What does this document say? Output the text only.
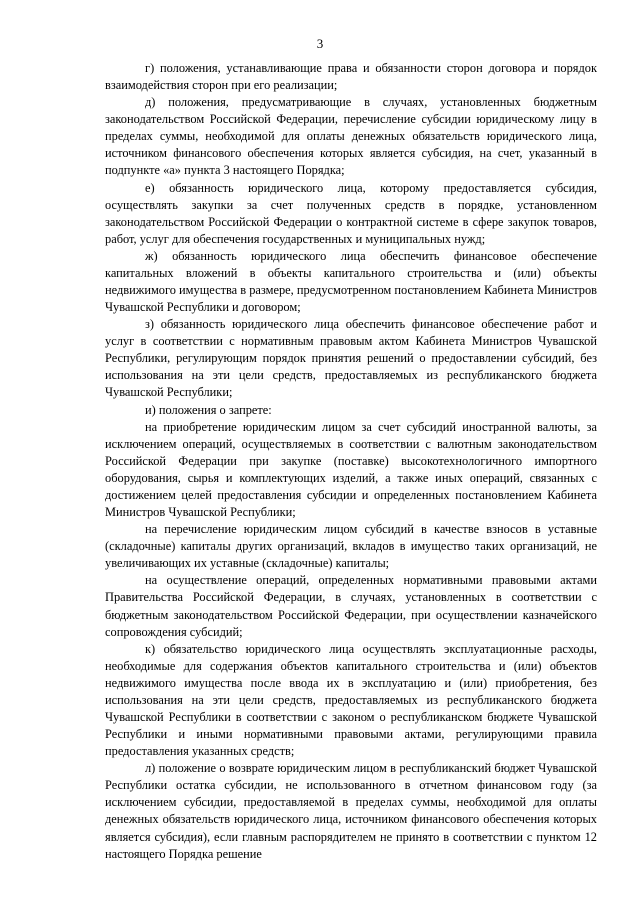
3

г) положения, устанавливающие права и обязанности сторон договора и порядок взаимодействия сторон при его реализации;

д) положения, предусматривающие в случаях, установленных бюджетным законодательством Российской Федерации, перечисление субсидии юридическому лицу в пределах суммы, необходимой для оплаты денежных обязательств юридического лица, источником финансового обеспечения которых является субсидия, на счет, указанный в подпункте «а» пункта 3 настоящего Порядка;

е) обязанность юридического лица, которому предоставляется субсидия, осуществлять закупки за счет полученных средств в порядке, установленном законодательством Российской Федерации о контрактной системе в сфере закупок товаров, работ, услуг для обеспечения государственных и муниципальных нужд;

ж) обязанность юридического лица обеспечить финансовое обеспечение капитальных вложений в объекты капитального строительства и (или) объекты недвижимого имущества в размере, предусмотренном постановлением Кабинета Министров Чувашской Республики и договором;

з) обязанность юридического лица обеспечить финансовое обеспечение работ и услуг в соответствии с нормативным правовым актом Кабинета Министров Чувашской Республики, регулирующим порядок принятия решений о предоставлении субсидий, без использования на эти цели средств, предоставляемых из республиканского бюджета Чувашской Республики;

и) положения о запрете:

на приобретение юридическим лицом за счет субсидий иностранной валюты, за исключением операций, осуществляемых в соответствии с валютным законодательством Российской Федерации при закупке (поставке) высокотехнологичного импортного оборудования, сырья и комплектующих изделий, а также иных операций, связанных с достижением целей предоставления субсидии и определенных постановлением Кабинета Министров Чувашской Республики;

на перечисление юридическим лицом субсидий в качестве взносов в уставные (складочные) капиталы других организаций, вкладов в имущество таких организаций, не увеличивающих их уставные (складочные) капиталы;

на осуществление операций, определенных нормативными правовыми актами Правительства Российской Федерации, в случаях, установленных в соответствии с бюджетным законодательством Российской Федерации, при осуществлении казначейского сопровождения субсидий;

к) обязательство юридического лица осуществлять эксплуатационные расходы, необходимые для содержания объектов капитального строительства и (или) объектов недвижимого имущества после ввода их в эксплуатацию и (или) приобретения, без использования на эти цели средств, предоставляемых из республиканского бюджета Чувашской Республики в соответствии с законом о республиканском бюджете Чувашской Республики и иными нормативными правовыми актами, регулирующими правила предоставления указанных средств;

л) положение о возврате юридическим лицом в республиканский бюджет Чувашской Республики остатка субсидии, не использованного в отчетном финансовом году (за исключением субсидии, предоставляемой в пределах суммы, необходимой для оплаты денежных обязательств юридического лица, источником финансового обеспечения которых является субсидия), если главным распорядителем не принято в соответствии с пунктом 12 настоящего Порядка решение
